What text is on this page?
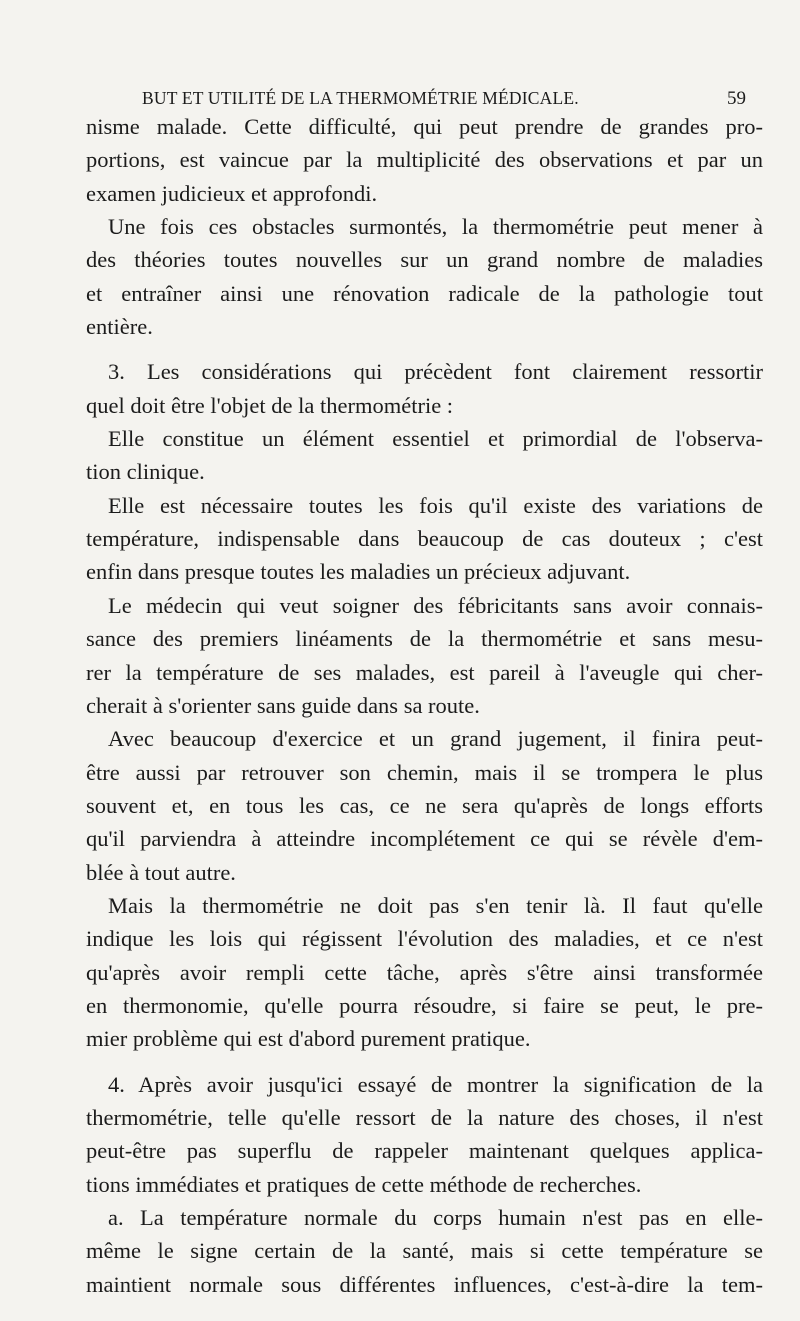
BUT ET UTILITÉ DE LA THERMOMÉTRIE MÉDICALE.	59
nisme malade. Cette difficulté, qui peut prendre de grandes pro-
portions, est vaincue par la multiplicité des observations et par un
examen judicieux et approfondi.
Une fois ces obstacles surmontés, la thermométrie peut mener à
des théories toutes nouvelles sur un grand nombre de maladies
et entraîner ainsi une rénovation radicale de la pathologie tout
entière.
3. Les considérations qui précèdent font clairement ressortir
quel doit être l'objet de la thermométrie :
Elle constitue un élément essentiel et primordial de l'observa-
tion clinique.
Elle est nécessaire toutes les fois qu'il existe des variations de
température, indispensable dans beaucoup de cas douteux ; c'est
enfin dans presque toutes les maladies un précieux adjuvant.
Le médecin qui veut soigner des fébricitants sans avoir connais-
sance des premiers linéaments de la thermométrie et sans mesu-
rer la température de ses malades, est pareil à l'aveugle qui cher-
cherait à s'orienter sans guide dans sa route.
Avec beaucoup d'exercice et un grand jugement, il finira peut-
être aussi par retrouver son chemin, mais il se trompera le plus
souvent et, en tous les cas, ce ne sera qu'après de longs efforts
qu'il parviendra à atteindre incomplétement ce qui se révèle d'em-
blée à tout autre.
Mais la thermométrie ne doit pas s'en tenir là. Il faut qu'elle
indique les lois qui régissent l'évolution des maladies, et ce n'est
qu'après avoir rempli cette tâche, après s'être ainsi transformée
en thermonomie, qu'elle pourra résoudre, si faire se peut, le pre-
mier problème qui est d'abord purement pratique.
4. Après avoir jusqu'ici essayé de montrer la signification de la
thermométrie, telle qu'elle ressort de la nature des choses, il n'est
peut-être pas superflu de rappeler maintenant quelques applica-
tions immédiates et pratiques de cette méthode de recherches.
a. La température normale du corps humain n'est pas en elle-
même le signe certain de la santé, mais si cette température se
maintient normale sous différentes influences, c'est-à-dire la tem-
